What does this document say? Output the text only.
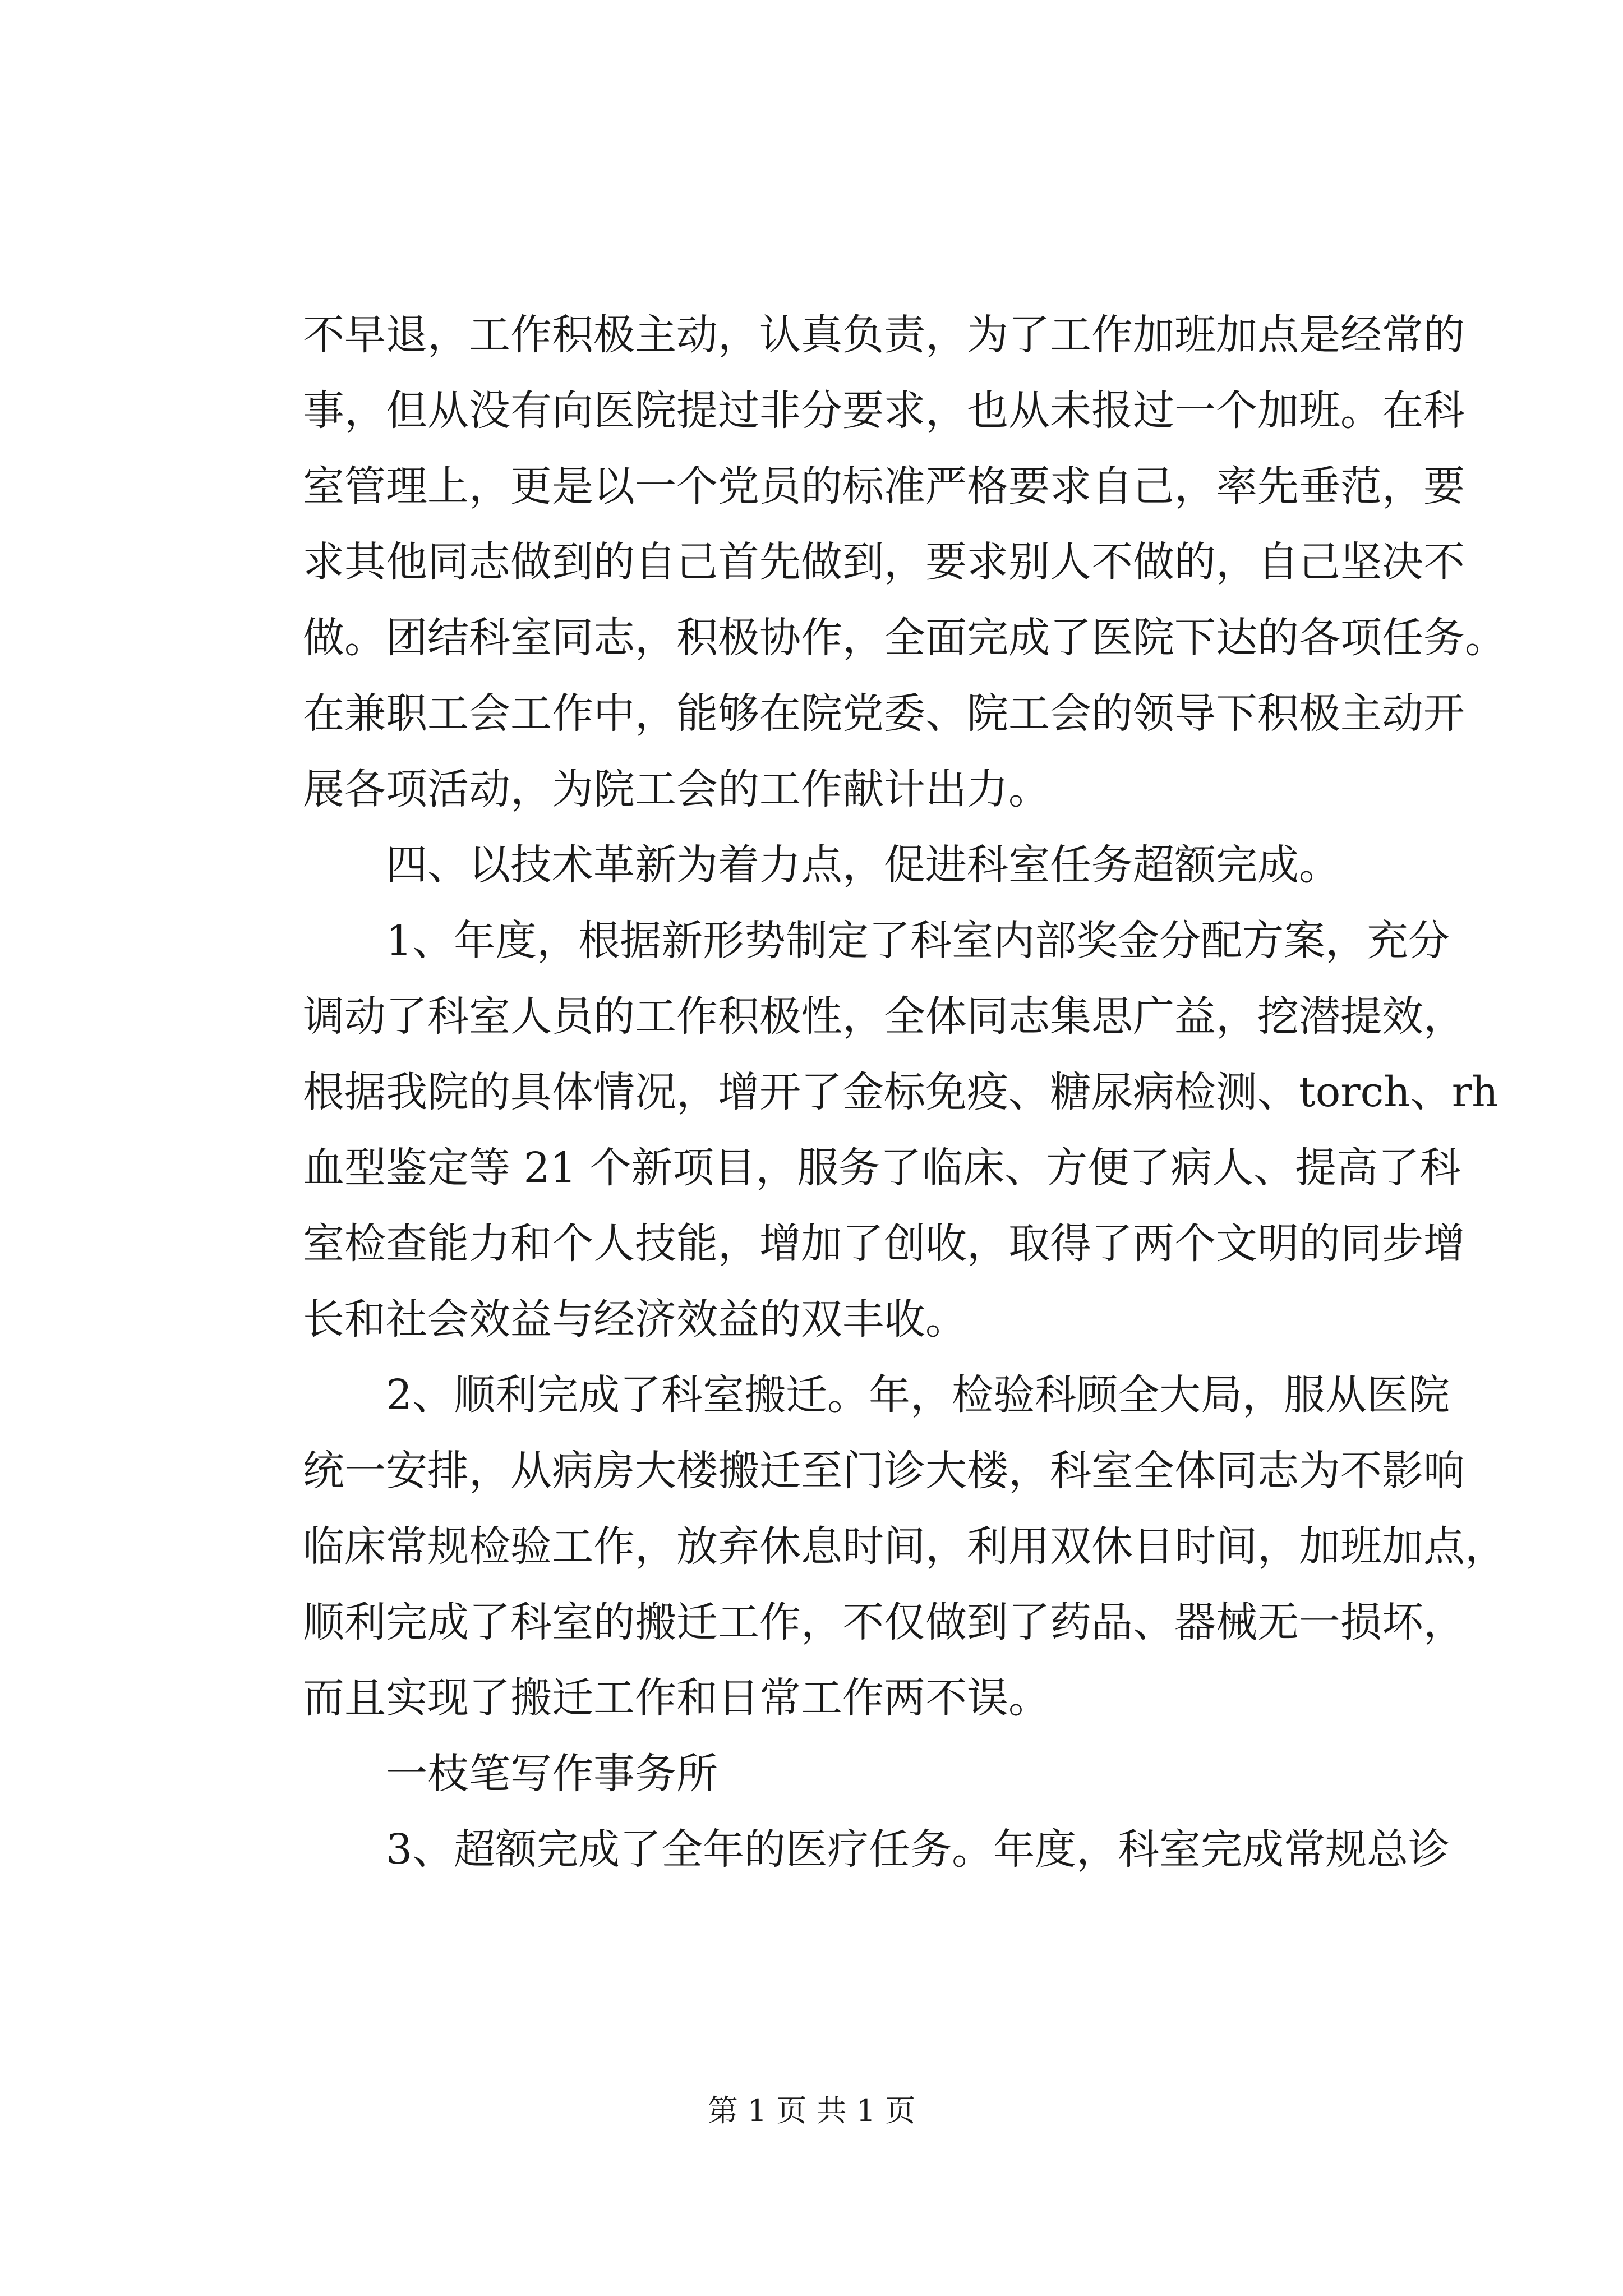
不早退，工作积极主动，认真负责，为了工作加班加点是经常的
事，但从没有向医院提过非分要求，也从未报过一个加班。在科
室管理上，更是以一个党员的标准严格要求自己，率先垂范，要
求其他同志做到的自己首先做到，要求别人不做的，自己坚决不
做。团结科室同志，积极协作，全面完成了医院下达的各项任务。
在兼职工会工作中，能够在院党委、院工会的领导下积极主动开
展各项活动，为院工会的工作献计出力。
　　四、以技术革新为着力点，促进科室任务超额完成。
　　1、年度，根据新形势制定了科室内部奖金分配方案，充分
调动了科室人员的工作积极性，全体同志集思广益，挖潜提效，
根据我院的具体情况，增开了金标免疫、糖尿病检测、torch、rh
血型鉴定等 21 个新项目，服务了临床、方便了病人、提高了科
室检查能力和个人技能，增加了创收，取得了两个文明的同步增
长和社会效益与经济效益的双丰收。
　　2、顺利完成了科室搬迁。年，检验科顾全大局，服从医院
统一安排，从病房大楼搬迁至门诊大楼，科室全体同志为不影响
临床常规检验工作，放弃休息时间，利用双休日时间，加班加点，
顺利完成了科室的搬迁工作，不仅做到了药品、器械无一损坏，
而且实现了搬迁工作和日常工作两不误。
　　一枝笔写作事务所
　　3、超额完成了全年的医疗任务。年度，科室完成常规总诊
第 1 页 共 1 页
